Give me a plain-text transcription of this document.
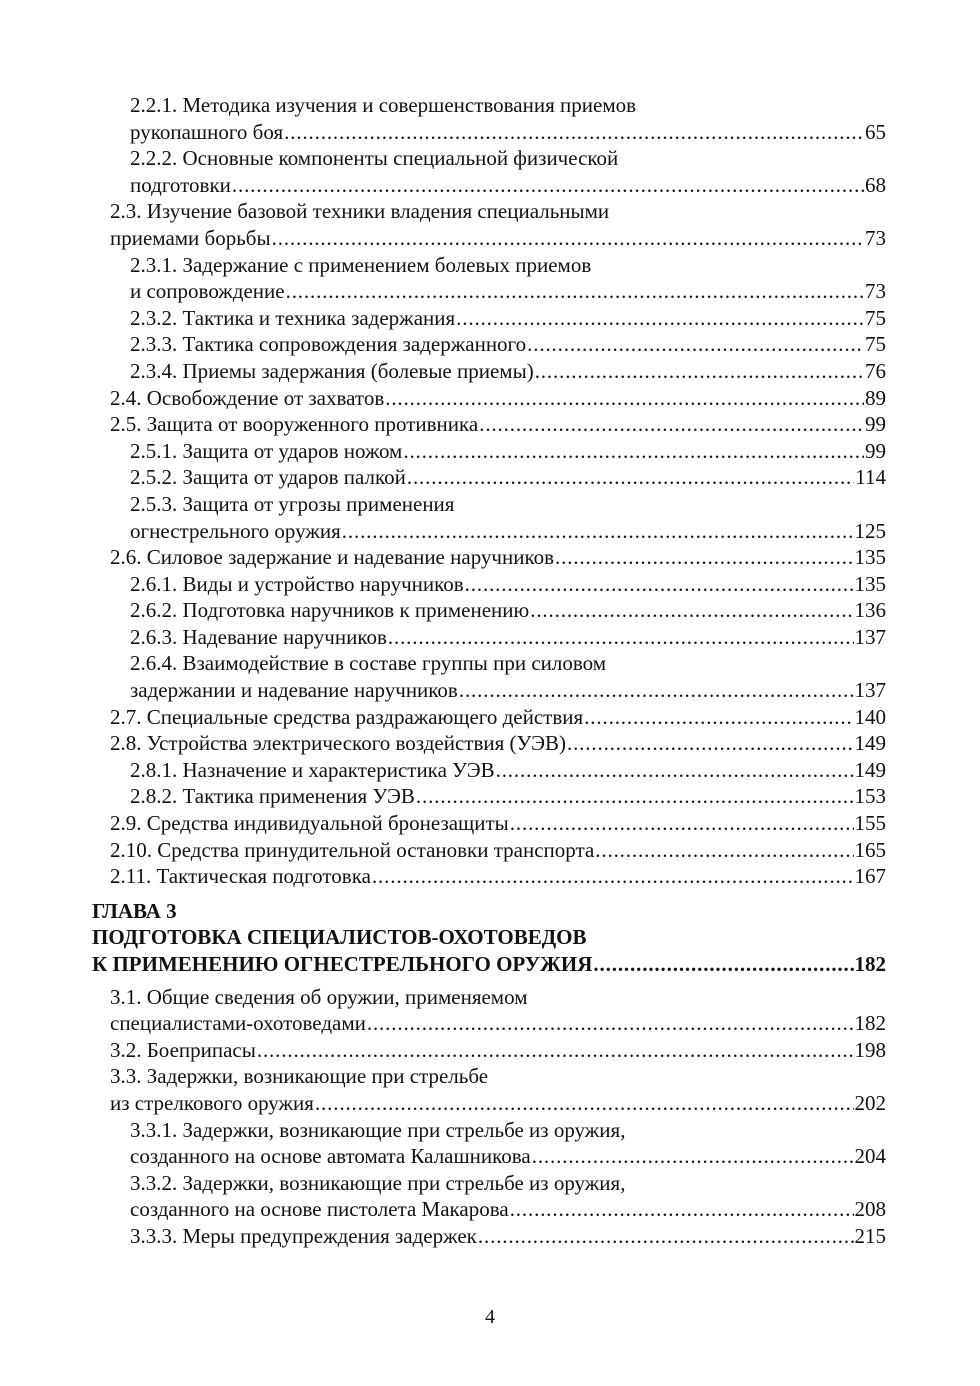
2.2.1. Методика изучения и совершенствования приемов
рукопашного боя . . .	65
2.2.2. Основные компоненты специальной физической
подготовки . . .	68
2.3. Изучение базовой техники владения специальными
приемами борьбы . . .	73
2.3.1. Задержание с применением болевых приемов
и сопровождение . . .	73
2.3.2. Тактика и техника задержания . . .	75
2.3.3. Тактика сопровождения задержанного . . .	75
2.3.4. Приемы задержания (болевые приемы) . . .	76
2.4. Освобождение от захватов . . .	89
2.5. Защита от вооруженного противника . . .	99
2.5.1. Защита от ударов ножом . . .	99
2.5.2. Защита от ударов палкой . . .	114
2.5.3. Защита от угрозы применения
огнестрельного оружия . . .	125
2.6. Силовое задержание и надевание наручников . . .	135
2.6.1. Виды и устройство наручников . . .	135
2.6.2. Подготовка наручников к применению . . .	136
2.6.3. Надевание наручников . . .	137
2.6.4. Взаимодействие в составе группы при силовом
задержании и надевание наручников . . .	137
2.7. Специальные средства раздражающего действия . . .	140
2.8. Устройства электрического воздействия (УЭВ) . . .	149
2.8.1. Назначение и характеристика УЭВ . . .	149
2.8.2. Тактика применения УЭВ . . .	153
2.9. Средства индивидуальной бронезащиты . . .	155
2.10. Средства принудительной остановки транспорта . . .	165
2.11. Тактическая подготовка . . .	167
ГЛАВА 3
ПОДГОТОВКА СПЕЦИАЛИСТОВ-ОХОТОВЕДОВ
К ПРИМЕНЕНИЮ ОГНЕСТРЕЛЬНОГО ОРУЖИЯ . . .	182
3.1. Общие сведения об оружии, применяемом
специалистами-охотоведами . . .	182
3.2. Боеприпасы . . .	198
3.3. Задержки, возникающие при стрельбе
из стрелкового оружия . . .	202
3.3.1. Задержки, возникающие при стрельбе из оружия,
созданного на основе автомата Калашникова . . .	204
3.3.2. Задержки, возникающие при стрельбе из оружия,
созданного на основе пистолета Макарова . . .	208
3.3.3. Меры предупреждения задержек . . .	215
4
